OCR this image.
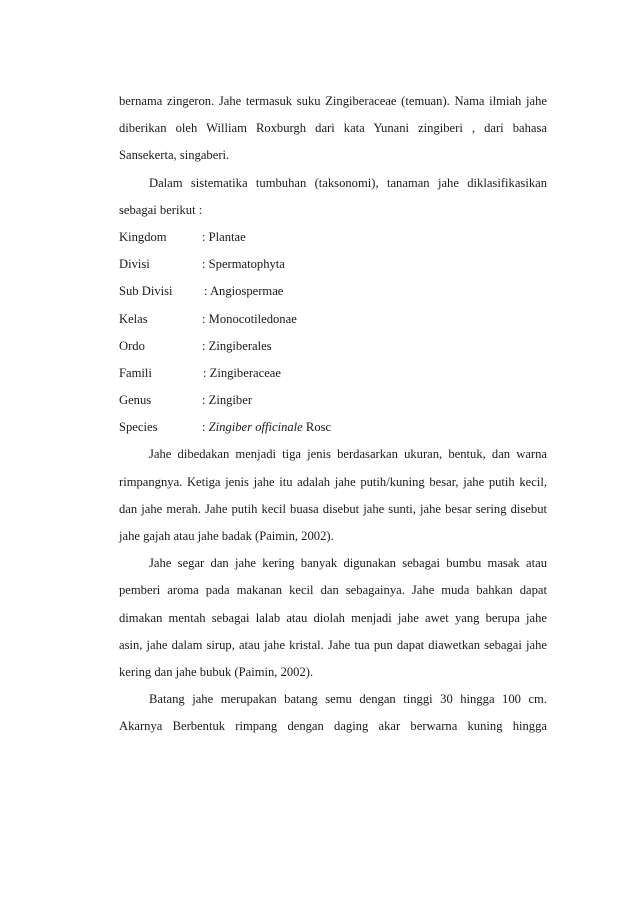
bernama zingeron. Jahe termasuk suku Zingiberaceae (temuan). Nama ilmiah jahe
diberikan oleh William Roxburgh dari kata Yunani zingiberi , dari bahasa
Sansekerta, singaberi.
Dalam sistematika tumbuhan (taksonomi), tanaman jahe diklasifikasikan
sebagai berikut :
Kingdom	: Plantae
Divisi	: Spermatophyta
Sub Divisi	: Angiospermae
Kelas	: Monocotiledonae
Ordo	: Zingiberales
Famili	: Zingiberaceae
Genus	: Zingiber
Species	: Zingiber officinale Rosc
Jahe dibedakan menjadi tiga jenis berdasarkan ukuran, bentuk, dan warna
rimpangnya. Ketiga jenis jahe itu adalah jahe putih/kuning besar, jahe putih kecil,
dan jahe merah. Jahe putih kecil buasa disebut jahe sunti, jahe besar sering disebut
jahe gajah atau jahe badak (Paimin, 2002).
Jahe segar dan jahe kering banyak digunakan sebagai bumbu masak atau
pemberi aroma pada makanan kecil dan sebagainya. Jahe muda bahkan dapat
dimakan mentah sebagai lalab atau diolah menjadi jahe awet yang berupa jahe
asin, jahe dalam sirup, atau jahe kristal. Jahe tua pun dapat diawetkan sebagai jahe
kering dan jahe bubuk (Paimin, 2002).
Batang jahe merupakan batang semu dengan tinggi 30 hingga 100 cm.
Akarnya Berbentuk rimpang dengan daging akar berwarna kuning hingga
